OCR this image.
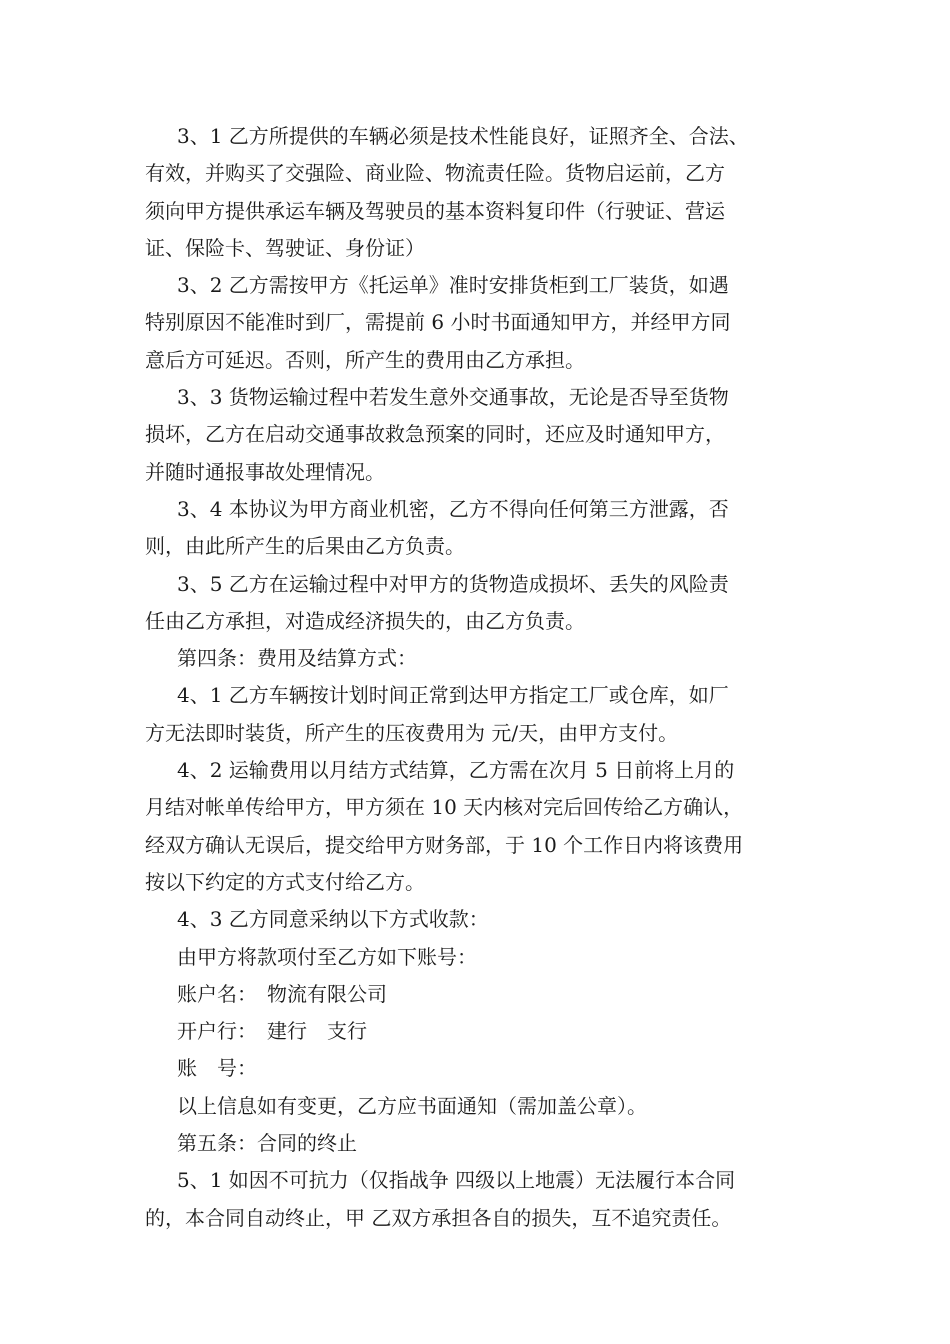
3、1 乙方所提供的车辆必须是技术性能良好，证照齐全、合法、
有效，并购买了交强险、商业险、物流责任险。货物启运前，乙方
须向甲方提供承运车辆及驾驶员的基本资料复印件（行驶证、营运
证、保险卡、驾驶证、身份证）

3、2 乙方需按甲方《托运单》准时安排货柜到工厂装货，如遇
特别原因不能准时到厂，需提前 6 小时书面通知甲方，并经甲方同
意后方可延迟。否则，所产生的费用由乙方承担。

3、3 货物运输过程中若发生意外交通事故，无论是否导至货物
损坏，乙方在启动交通事故救急预案的同时，还应及时通知甲方，
并随时通报事故处理情况。

3、4 本协议为甲方商业机密，乙方不得向任何第三方泄露，否
则，由此所产生的后果由乙方负责。

3、5 乙方在运输过程中对甲方的货物造成损坏、丢失的风险责
任由乙方承担，对造成经济损失的，由乙方负责。

第四条：费用及结算方式：

4、1 乙方车辆按计划时间正常到达甲方指定工厂或仓库，如厂
方无法即时装货，所产生的压夜费用为 元/天，由甲方支付。

4、2 运输费用以月结方式结算，乙方需在次月 5 日前将上月的
月结对帐单传给甲方，甲方须在 10 天内核对完后回传给乙方确认，
经双方确认无误后，提交给甲方财务部，于 10 个工作日内将该费用
按以下约定的方式支付给乙方。

4、3 乙方同意采纳以下方式收款：

由甲方将款项付至乙方如下账号：

账户名：　物流有限公司

开户行：　建行　支行

账　号：

以上信息如有变更，乙方应书面通知（需加盖公章）。

第五条：合同的终止

5、1 如因不可抗力（仅指战争 四级以上地震）无法履行本合同
的，本合同自动终止，甲 乙双方承担各自的损失，互不追究责任。
